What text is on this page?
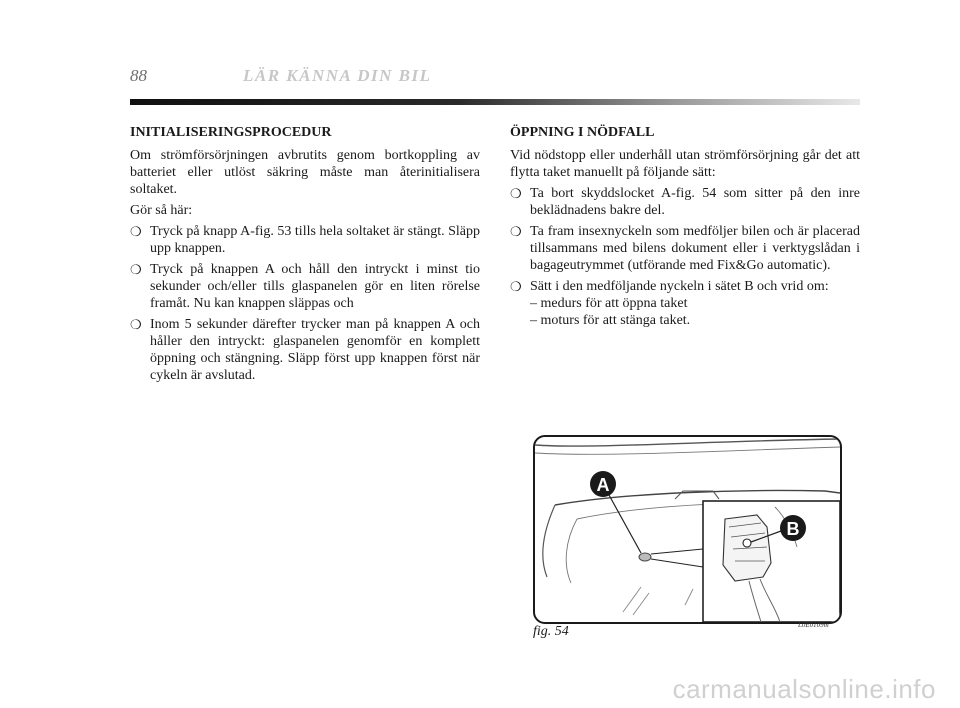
88	LÄR KÄNNA DIN BIL
INITIALISERINGSPROCEDUR

Om strömförsörjningen avbrutits genom bortkoppling av batteriet eller utlöst säkring måste man återinitialisera soltaket.

Gör så här:

❍ Tryck på knapp A-fig. 53 tills hela soltaket är stängt. Släpp upp knappen.
❍ Tryck på knappen A och håll den intryckt i minst tio sekunder och/eller tills glaspanelen gör en liten rörelse framåt. Nu kan knappen släppas och
❍ Inom 5 sekunder därefter trycker man på knappen A och håller den intryckt: glaspanelen genomför en komplett öppning och stängning. Släpp först upp knappen först när cykeln är avslutad.
ÖPPNING I NÖDFALL

Vid nödstopp eller underhåll utan strömförsörjning går det att flytta taket manuellt på följande sätt:

❍ Ta bort skyddslocket A-fig. 54 som sitter på den inre beklädnadens bakre del.
❍ Ta fram insexnyckeln som medföljer bilen och är placerad tillsammans med bilens dokument eller i verktygslådan i bagageutrymmet (utförande med Fix&Go automatic).
❍ Sätt i den medföljande nyckeln i sätet B och vrid om:
– medurs för att öppna taket
– moturs för att stänga taket.
A
B
fig. 54	L0E0109m
carmanualsonline.info
